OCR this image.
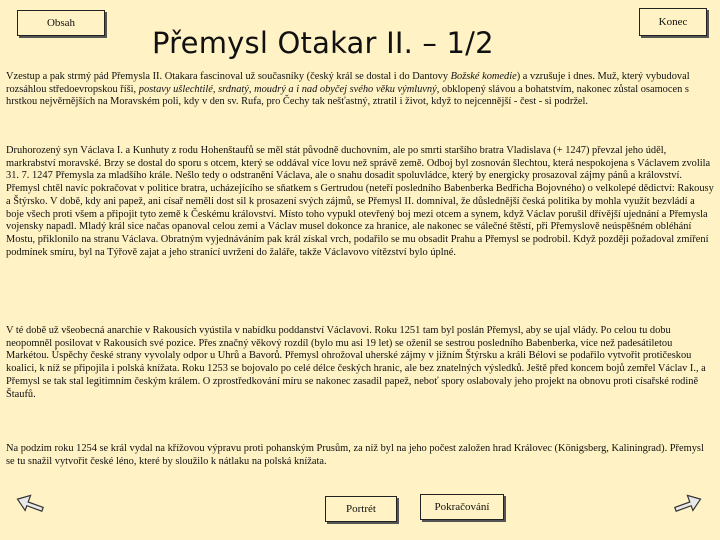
Obsah	Konec
Přemysl Otakar II. – 1/2
Vzestup a pak strmý pád Přemysla II. Otakara fascinoval už současníky (český král se dostal i do Dantovy Božské komedie) a vzrušuje i dnes. Muž, který vybudoval rozsáhlou středoevropskou říši, postavy ušlechtilé, srdnatý, moudrý a i nad obyčej svého věku výmluvný, obklopený slávou a bohatstvím, nakonec zůstal osamocen s hrstkou nejvěrnějších na Moravském poli, kdy v den sv. Rufa, pro Čechy tak nešťastný, ztratil i život, když to nejcennější - čest - si podržel.
Druhorozený syn Václava I. a Kunhuty z rodu Hohenštaufů se měl stát původně duchovním, ale po smrti staršího bratra Vladislava (+ 1247) převzal jeho úděl, markrabství moravské. Brzy se dostal do sporu s otcem, který se oddával více lovu než správě země. Odboj byl zosnován šlechtou, která nespokojena s Václavem zvolila 31. 7. 1247 Přemysla za mladšího krále. Nešlo tedy o odstranění Václava, ale o snahu dosadit spoluvládce, který by energicky prosazoval zájmy pánů a království. Přemysl chtěl navíc pokračovat v politice bratra, ucházejícího se sňatkem s Gertrudou (neteří posledního Babenberka Bedřicha Bojovného) o velkolepé dědictví: Rakousy a Štýrsko. V době, kdy ani papež, ani císař neměli dost sil k prosazení svých zájmů, se Přemysl II. domníval, že důslednější česká politika by mohla využít bezvládí a boje všech proti všem a připojit tyto země k Českému království. Místo toho vypukl otevřený boj mezi otcem a synem, když Václav porušil dřívější ujednání a Přemysla vojensky napadl. Mladý král sice načas opanoval celou zemi a Václav musel dokonce za hranice, ale nakonec se válečné štěstí, při Přemyslově neúspěšném obléhání Mostu, přiklonilo na stranu Václava. Obratným vyjednáváním pak král získal vrch, podařilo se mu obsadit Prahu a Přemysl se podrobil. Když později požadoval zmíření podmínek smíru, byl na Týřově zajat a jeho stranící uvrženi do žaláře, takže Václavovo vítězství bylo úplné.
V té době už všeobecná anarchie v Rakousích vyústila v nabídku poddanství Václavovi. Roku 1251 tam byl poslán Přemysl, aby se ujal vlády. Po celou tu dobu neopomněl posilovat v Rakousích své pozice. Přes značný věkový rozdíl (bylo mu asi 19 let) se oženil se sestrou posledního Babenberka, více než padesátiletou Markétou. Úspěchy české strany vyvolaly odpor u Uhrů a Bavorů. Přemysl ohrožoval uherské zájmy v jižním Štýrsku a králi Bélovi se podařilo vytvořit protičeskou koalici, k níž se připojila i polská knížata. Roku 1253 se bojovalo po celé délce českých hranic, ale bez znatelných výsledků. Ještě před koncem bojů zemřel Václav I., a Přemysl se tak stal legitimním českým králem. O zprostředkování míru se nakonec zasadil papež, neboť spory oslabovaly jeho projekt na obnovu proti císařské rodině Štaufů.
Na podzim roku 1254 se král vydal na křížovou výpravu proti pohanským Prusům, za níž byl na jeho počest založen hrad Královec (Königsberg, Kaliningrad). Přemysl se tu snažil vytvořit české léno, které by sloužilo k nátlaku na polská knížata.
Portrét	Pokračování
